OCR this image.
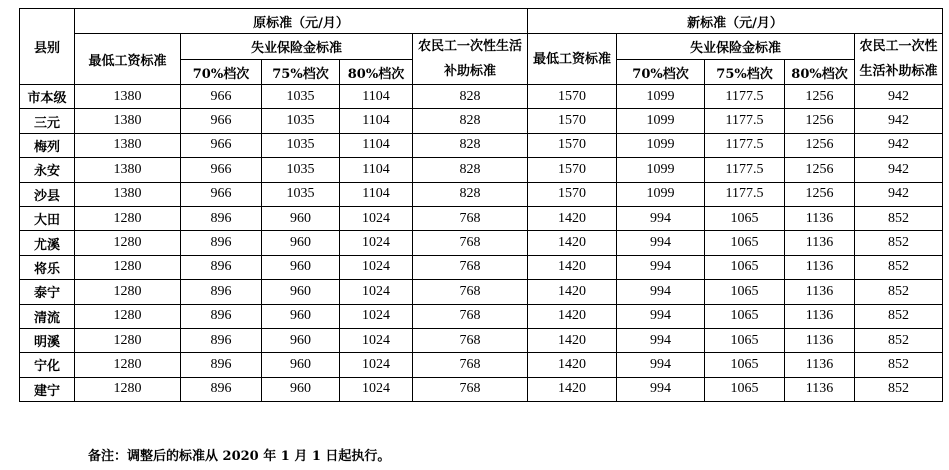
县别	原标准（元/月）					新标准（元/月）				
	最低工资标准	失业保险金标准			农民工一次性生活补助标准	最低工资标准	失业保险金标准			农民工一次性生活补助标准
		70%档次	75%档次	80%档次			70%档次	75%档次	80%档次	
市本级	1380	966	1035	1104	828	1570	1099	1177.5	1256	942
三元	1380	966	1035	1104	828	1570	1099	1177.5	1256	942
梅列	1380	966	1035	1104	828	1570	1099	1177.5	1256	942
永安	1380	966	1035	1104	828	1570	1099	1177.5	1256	942
沙县	1380	966	1035	1104	828	1570	1099	1177.5	1256	942
大田	1280	896	960	1024	768	1420	994	1065	1136	852
尤溪	1280	896	960	1024	768	1420	994	1065	1136	852
将乐	1280	896	960	1024	768	1420	994	1065	1136	852
泰宁	1280	896	960	1024	768	1420	994	1065	1136	852
清流	1280	896	960	1024	768	1420	994	1065	1136	852
明溪	1280	896	960	1024	768	1420	994	1065	1136	852
宁化	1280	896	960	1024	768	1420	994	1065	1136	852
建宁	1280	896	960	1024	768	1420	994	1065	1136	852
备注：调整后的标准从 2020 年 1 月 1 日起执行。
